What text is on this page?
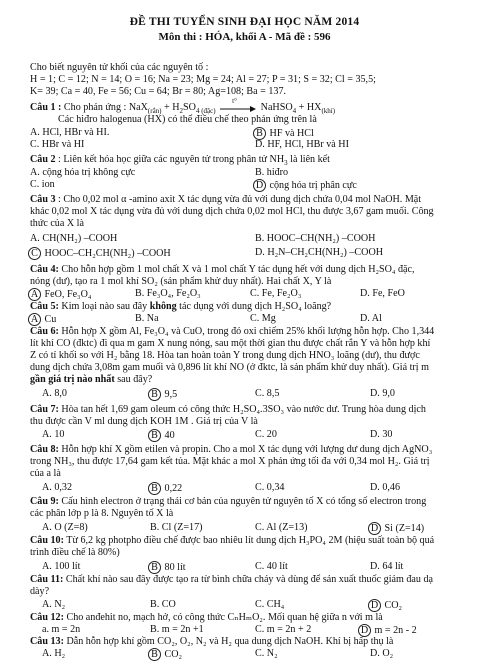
ĐỀ THI TUYỂN SINH ĐẠI HỌC NĂM 2014
Môn thi : HÓA, khối A - Mã đề : 596
Cho biết nguyên tử khối của các nguyên tố :
H = 1; C = 12; N = 14; O = 16; Na = 23; Mg = 24; Al = 27; P = 31; S = 32; Cl = 35,5;
K= 39; Ca = 40, Fe = 56; Cu = 64; Br = 80; Ag=108; Ba = 137.
Câu 1 : Cho phản ứng : $NaX_{(rắn)} + H_2SO_{4 (đặc)}$
t°
NaHSO$_4$ + $HX_{(khí)}$
Các hiđro halogenua (HX) có thể điều chế theo phản ứng trên là
A. HCl, HBr và HI.	B HF và HCl
C. HBr và HI	D. HF, HCl, HBr và HI
Câu 2 : Liên kết hóa học giữa các nguyên tử trong phân tử $NH_3$ là liên kết
A. cộng hóa trị không cực	B. hiđro
C. ion	D cộng hóa trị phân cực
Câu 3 : Cho 0,02 mol α -amino axit X tác dụng vừa đủ với dung dịch chứa 0,04 mol NaOH. Mặt
khác 0,02 mol X tác dụng vừa đủ với dung dịch chứa 0,02 mol HCl, thu được 3,67 gam muối. Công
thức của X là
A. CH(NH₂) –COOH	B. HOOC–CH(NH₂) –COOH
C HOOC–CH₂CH(NH₂) –COOH	D. H₂N–CH₂CH(NH₂) –COOH
Câu 4: Cho hỗn hợp gồm 1 mol chất X và 1 mol chất Y tác dụng hết với dung dịch H₂SO₄ đặc,
nóng (dư), tạo ra 1 mol khí SO₂ (sản phẩm khử duy nhất). Hai chất X, Y là
A FeO, Fe₃O₄	B. Fe₃O₄, Fe₂O₃	C. Fe, Fe₂O₃	D. Fe, FeO
Câu 5: Kim loại nào sau đây không tác dụng với dung dịch H₂SO₄ loãng?
A Cu	B. Na	C. Mg	D. Al
Câu 6: Hỗn hợp X gồm Al, Fe₃O₄ và CuO, trong đó oxi chiếm 25% khối lượng hỗn hợp. Cho 1,344
lít khí CO (đktc) đi qua m gam X nung nóng, sau một thời gian thu được chất rắn Y và hỗn hợp khí
Z có tỉ khối so với H₂ bằng 18. Hòa tan hoàn toàn Y trong dung dịch HNO₃ loãng (dư), thu được
dung dịch chứa 3,08m gam muối và 0,896 lít khí NO (ở đktc, là sản phẩm khử duy nhất). Giá trị m
gần giá trị nào nhất sau đây?
A. 8,0	B 9,5	C. 8,5	D. 9,0
Câu 7: Hòa tan hết 1,69 gam oleum có công thức H₂SO₄.3SO₃ vào nước dư. Trung hòa dung dịch
thu được cần V ml dung dịch KOH 1M . Giá trị của V là
A. 10	B 40	C. 20	D. 30
Câu 8: Hỗn hợp khí X gồm etilen và propin. Cho a mol X tác dụng với lượng dư dung dịch AgNO₃
trong NH₃, thu được 17,64 gam kết tủa. Mặt khác a mol X phản ứng tối đa với 0,34 mol H₂. Giá trị
của a là
A. 0,32	B 0,22	C. 0,34	D. 0,46
Câu 9: Cấu hình electron ở trạng thái cơ bản của nguyên tử nguyên tố X có tổng số electron trong
các phân lớp p là 8. Nguyên tố X là
A. O (Z=8)	B. Cl (Z=17)	C. Al (Z=13)	D Si (Z=14)
Câu 10: Từ 6,2 kg photpho điều chế được bao nhiêu lít dung dịch H₃PO₄ 2M (hiệu suất toàn bộ quá
trình điều chế là 80%)
A. 100 lít	B 80 lít	C. 40 lít	D. 64 lít
Câu 11: Chất khí nào sau đây được tạo ra từ bình chữa cháy và dùng để sản xuất thuốc giảm đau dạ
dày?
A. N₂	B. CO	C. CH₄	D CO₂
Câu 12: Cho anđehit no, mạch hở, có công thức CₙHₘO₂. Mối quan hệ giữa n với m là
a. m = 2n	B. m = 2n +1	C. m = 2n + 2	D m = 2n - 2
Câu 13: Dẫn hỗn hợp khí gồm CO₂, O₂, N₂ và H₂ qua dung dịch NaOH. Khí bị hấp thụ là
A. H₂	B CO₂	C. N₂	D. O₂
